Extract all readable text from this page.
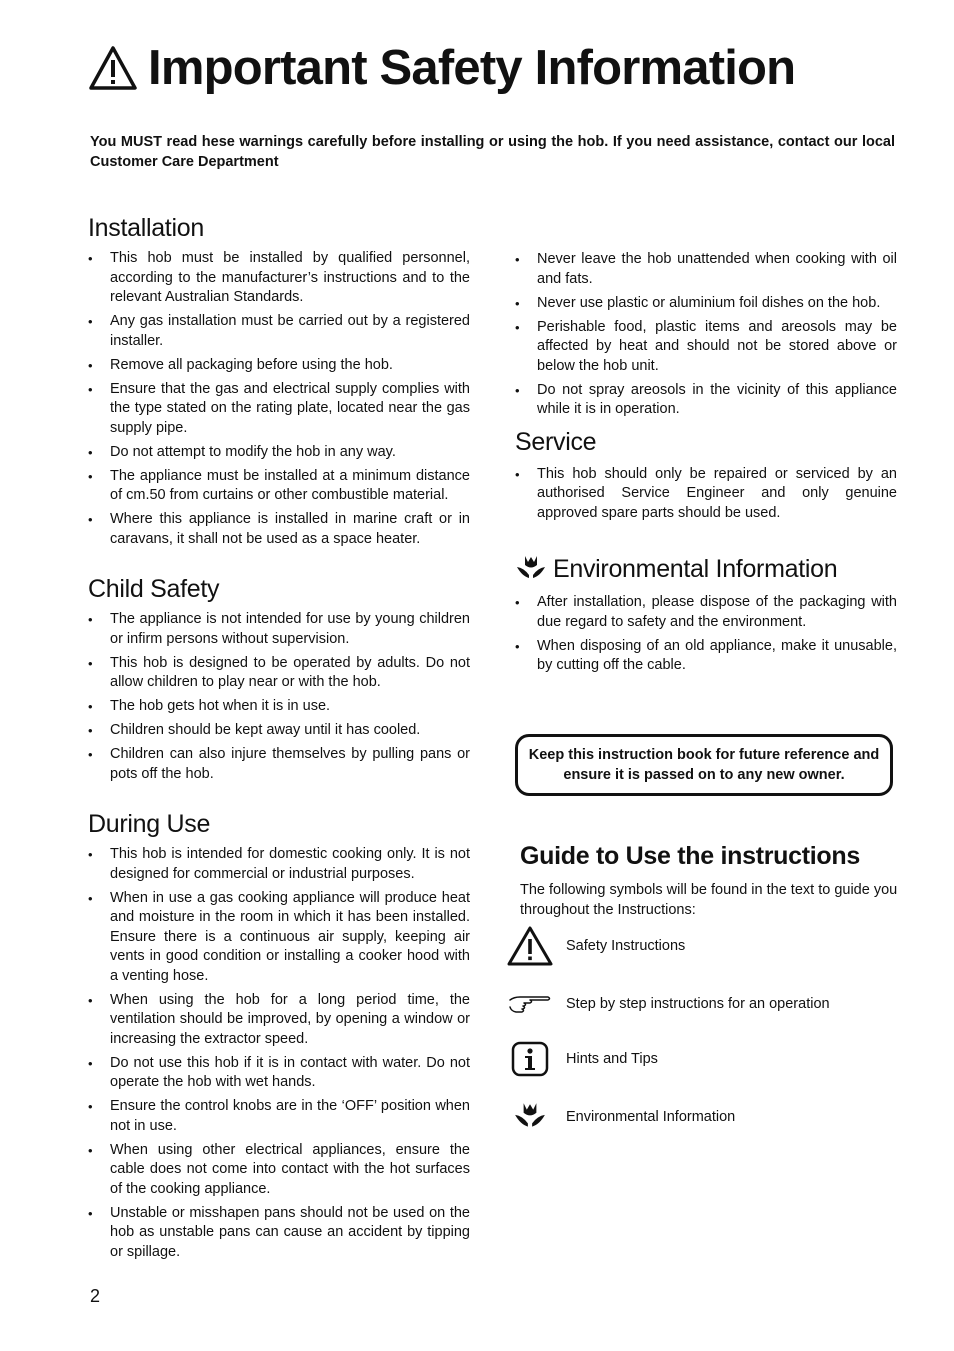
Important Safety Information
You MUST read hese warnings carefully before installing or using the hob. If you need assistance, contact our local Customer Care Department
Installation
• This hob must be installed by qualified personnel, according to the manufacturer’s instructions and to the relevant Australian Standards.
• Any gas installation must be carried out by a registered installer.
• Remove all packaging before using the hob.
• Ensure that the gas and electrical supply complies with the type stated on the rating plate, located near the gas supply pipe.
• Do not attempt to modify the hob in any way.
• The appliance must be installed at a minimum distance of cm.50 from curtains or other combustible material.
• Where this appliance is installed in marine craft or in caravans, it shall not be used as a space heater.
Child Safety
• The appliance is not intended for use by young children or infirm persons without supervision.
• This hob is designed to be operated by adults. Do not allow children to play near or with the hob.
• The hob gets hot when it is in use.
• Children should be kept away until it has cooled.
• Children can also injure themselves by pulling pans or pots off the hob.
During Use
• This hob is intended for domestic cooking only. It is not designed for commercial or industrial purposes.
• When in use a gas cooking appliance will produce heat and moisture in the room in which it has been installed. Ensure there is a continuous air supply, keeping air vents in good condition or installing a cooker hood with a venting hose.
• When using the hob for a long period time, the ventilation should be improved, by opening a window or increasing the extractor speed.
• Do not use this hob if it is in contact with water. Do not operate the hob with wet hands.
• Ensure the control knobs are in the ‘OFF’ position when not in use.
• When using other electrical appliances, ensure the cable does not come into contact with the hot surfaces of the cooking appliance.
• Unstable or misshapen pans should not be used on the hob as unstable pans can cause an accident by tipping or spillage.
• Never leave the hob unattended when cooking with oil and fats.
• Never use plastic or aluminium foil dishes on the hob.
• Perishable food, plastic items and areosols may be affected by heat and should not be stored above or below the hob unit.
• Do not spray areosols in the vicinity of this appliance while it is in operation.
Service
• This hob should only be repaired or serviced by an authorised Service Engineer and only genuine approved spare parts should be used.
Environmental Information
• After installation, please dispose of the packaging with due regard to safety and the environment.
• When disposing of an old appliance, make it unusable, by cutting off the cable.
Keep this instruction book for future reference and ensure it is passed on to any new owner.
Guide to Use the instructions

The following symbols will be found in the text to guide you throughout the Instructions:

Safety Instructions
Step by step instructions for an operation
Hints and Tips
Environmental Information
2
